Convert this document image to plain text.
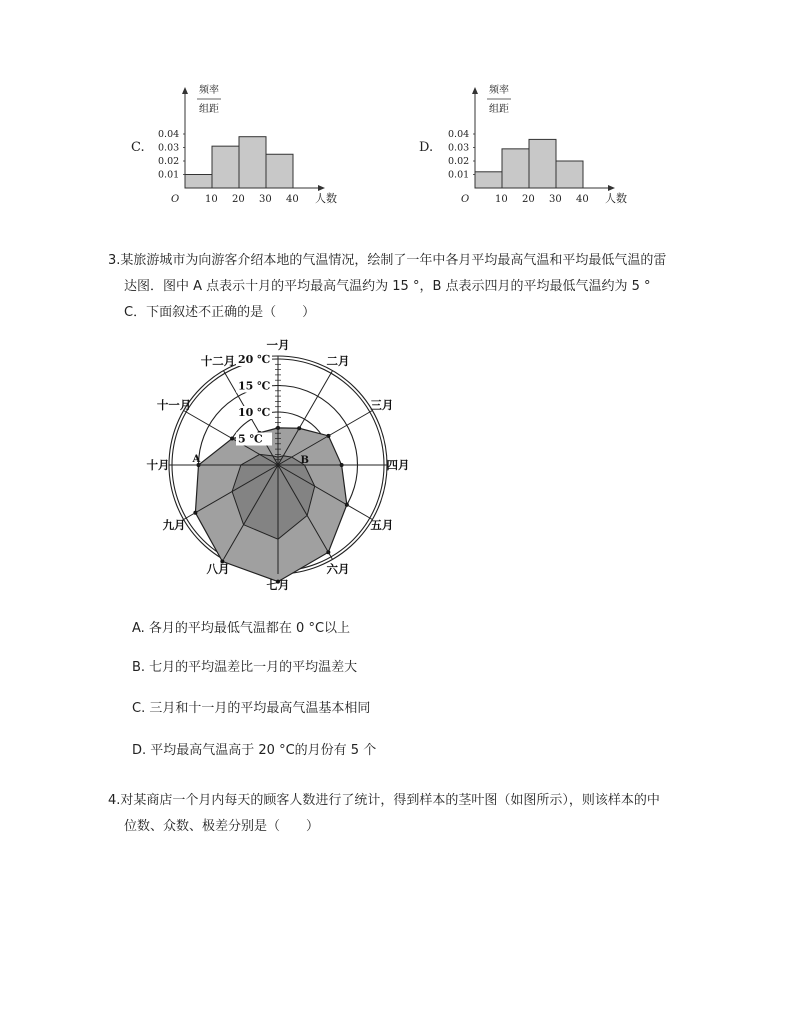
C.
频率
组距
0.04
0.03
0.02
0.01
O	10 20 30 40 人数
D.
频率
组距
0.04
0.03
0.02
0.01
O	10 20 30 40 人数
3.某旅游城市为向游客介绍本地的气温情况，绘制了一年中各月平均最高气温和平均最低气温的雷
达图．图中 A 点表示十月的平均最高气温约为 15 °，B 点表示四月的平均最低气温约为 5 °
C．下面叙述不正确的是（　　）
20 ℃
15 ℃
10 ℃
5 ℃
一月
二月
三月
四月
五月
六月
七月
八月
九月
十月
十一月
十二月
A	B
A. 各月的平均最低气温都在 0 °C以上
B. 七月的平均温差比一月的平均温差大
C. 三月和十一月的平均最高气温基本相同
D. 平均最高气温高于 20 °C的月份有 5 个
4.对某商店一个月内每天的顾客人数进行了统计，得到样本的茎叶图（如图所示），则该样本的中
位数、众数、极差分别是（　　）
